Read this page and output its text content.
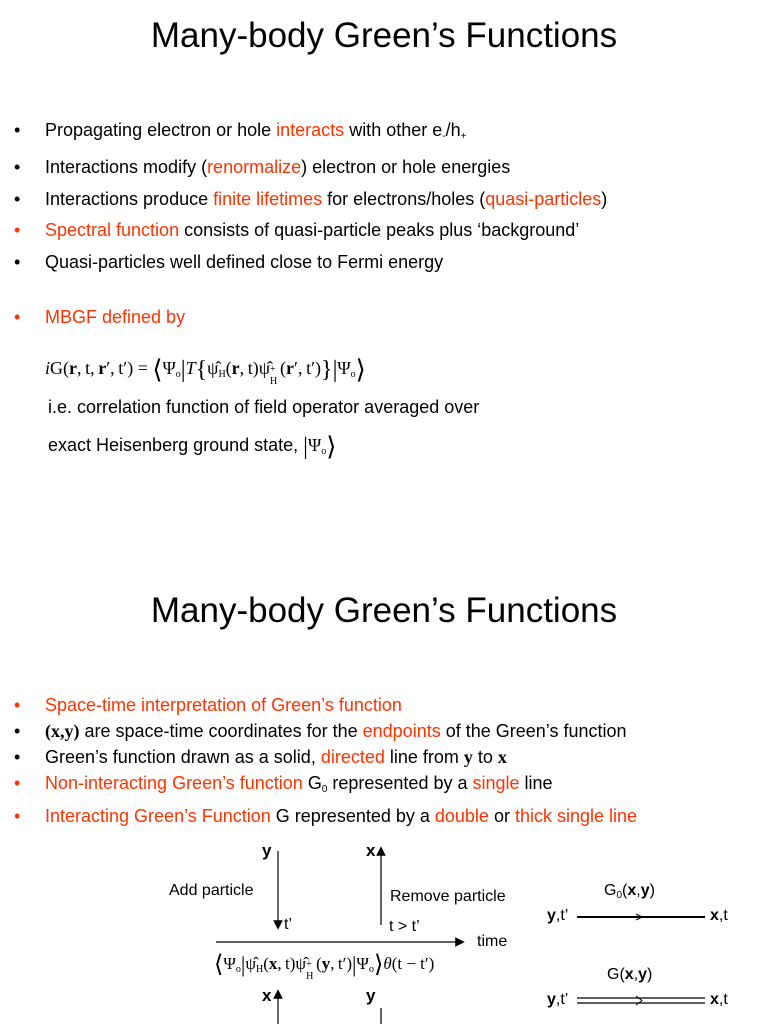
Many-body Green’s Functions
• Propagating electron or hole interacts with other $e_-/h_+$
• Interactions modify (renormalize) electron or hole energies
• Interactions produce finite lifetimes for electrons/holes (quasi-particles)
• Spectral function consists of quasi-particle peaks plus ‘background’
• Quasi-particles well defined close to Fermi energy
• MBGF defined by
iG(r, t, r′, $t') = ⟨\Psi_o|T\{\psî_H(r$, t)ψ̂ +
H
(r′, $t')\}|\Psi_o⟩$
i.e. correlation function of field operator averaged over
exact Heisenberg ground state, $|\Psi_o⟩$
Many-body Green’s Functions
• Space-time interpretation of Green’s function
• (x,y) are space-time coordinates for the endpoints of the Green’s function
• Green’s function drawn as a solid, directed line from y to x
• Non-interacting Green’s function $G_0$ represented by a single line
• Interacting Green’s Function G represented by a double or thick single line
y	x
Add particle	Remove particle
t’	t > t’
time
$⟨\Psi_o|\psî_H(x$, t)ψ̂ +
H
(y, $t')|\Psi_o⟩\theta(t - t')$
x	y
$G_0(x,y)$
G(x,y)
y,t’	x,t
y,t’	x,t
